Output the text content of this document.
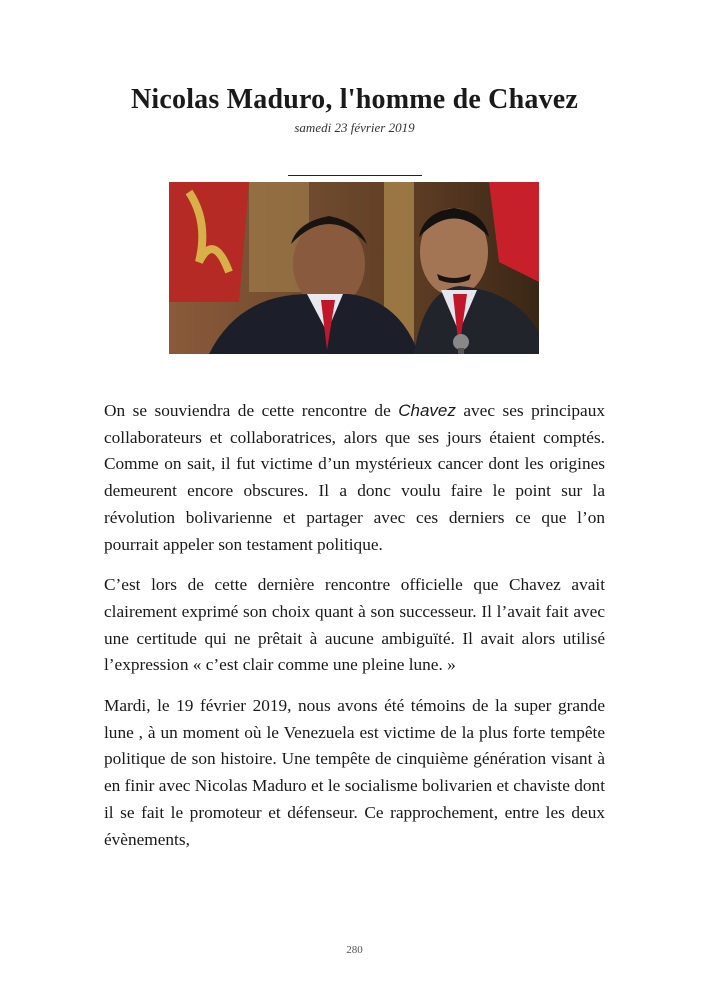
Nicolas Maduro, l'homme de Chavez
samedi 23 février 2019

On se souviendra de cette rencontre de Chavez avec ses principaux collaborateurs et collaboratrices, alors que ses jours étaient comptés. Comme on sait, il fut victime d’un mystérieux cancer dont les origines demeurent encore obscures. Il a donc voulu faire le point sur la révolution bolivarienne et partager avec ces derniers ce que l’on pourrait appeler son testament politique.

C’est lors de cette dernière rencontre officielle que Chavez avait clairement exprimé son choix quant à son successeur. Il l’avait fait avec une certitude qui ne prêtait à aucune ambiguïté. Il avait alors utilisé l’expression « c’est clair comme une pleine lune. »

Mardi, le 19 février 2019, nous avons été témoins de la super grande lune , à un moment où le Venezuela est victime de la plus forte tempête politique de son histoire. Une tempête de cinquième génération visant à en finir avec Nicolas Maduro et le socialisme bolivarien et chaviste dont il se fait le promoteur et défenseur. Ce rapprochement, entre les deux évènements,

280
